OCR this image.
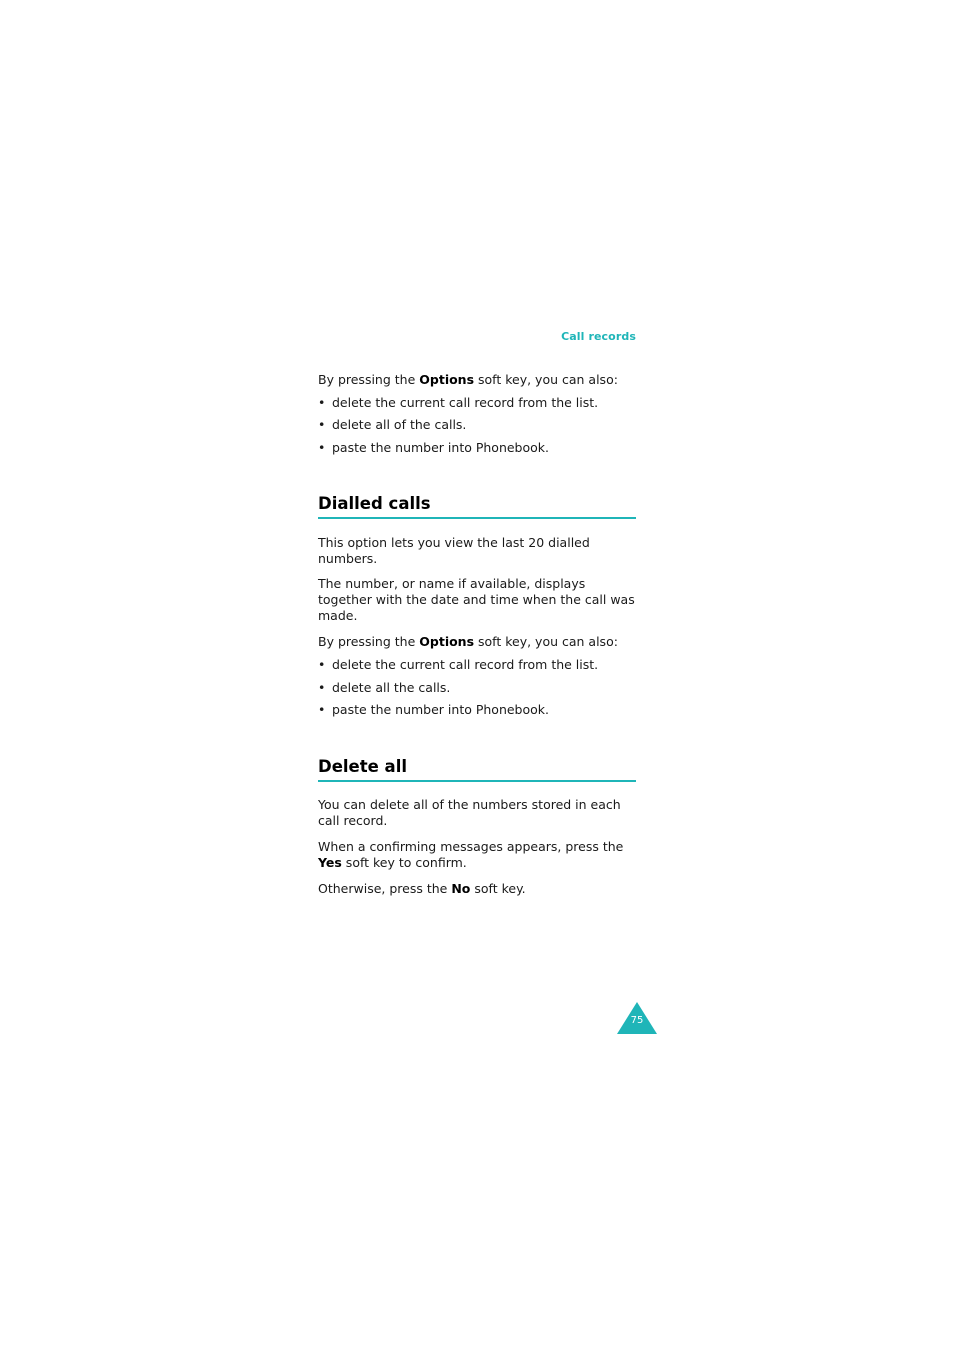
Call records

By pressing the Options soft key, you can also:

• delete the current call record from the list.
• delete all of the calls.
• paste the number into Phonebook.
Dialled calls

This option lets you view the last 20 dialled numbers.

The number, or name if available, displays together with the date and time when the call was made.

By pressing the Options soft key, you can also:

• delete the current call record from the list.
• delete all the calls.
• paste the number into Phonebook.
Delete all

You can delete all of the numbers stored in each call record.

When a confirming messages appears, press the Yes soft key to confirm.

Otherwise, press the No soft key.

75
